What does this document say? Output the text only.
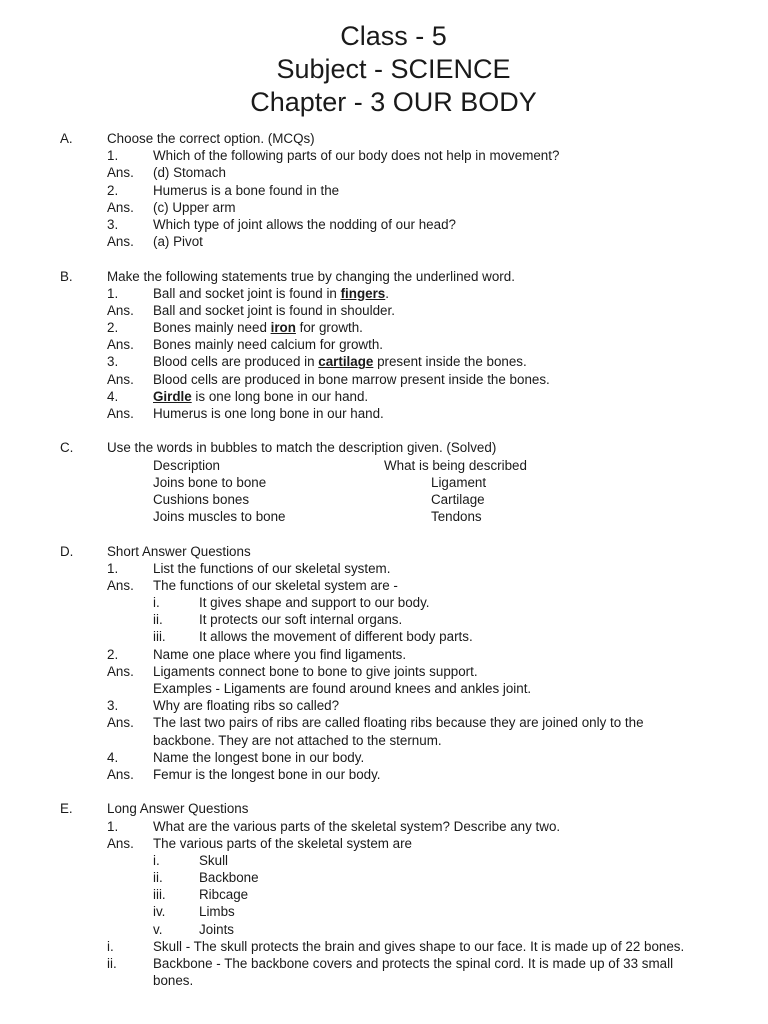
Class - 5

Subject - SCIENCE

Chapter - 3 OUR BODY

A.	Choose the correct option. (MCQs)
1.	Which of the following parts of our body does not help in movement?
Ans. (d) Stomach
2.	Humerus is a bone found in the
Ans. (c) Upper arm
3.	Which type of joint allows the nodding of our head?
Ans. (a) Pivot
B.	Make the following statements true by changing the underlined word.
1.	Ball and socket joint is found in fingers.
Ans. Ball and socket joint is found in shoulder.
2.	Bones mainly need iron for growth.
Ans. Bones mainly need calcium for growth.
3.	Blood cells are produced in cartilage present inside the bones.
Ans. Blood cells are produced in bone marrow present inside the bones.
4.	Girdle is one long bone in our hand.
Ans. Humerus is one long bone in our hand.
C.	Use the words in bubbles to match the description given. (Solved)
Description	What is being described
Joins bone to bone	Ligament
Cushions bones	Cartilage
Joins muscles to bone	Tendons
D.	Short Answer Questions
1.	List the functions of our skeletal system.
Ans. The functions of our skeletal system are -
i.	It gives shape and support to our body.
ii.	It protects our soft internal organs.
iii. It allows the movement of different body parts.
2.	Name one place where you find ligaments.
Ans. Ligaments connect bone to bone to give joints support.
Examples - Ligaments are found around knees and ankles joint.
3.	Why are floating ribs so called?
Ans. The last two pairs of ribs are called floating ribs because they are joined only to the
backbone. They are not attached to the sternum.
4.	Name the longest bone in our body.
Ans. Femur is the longest bone in our body.
E.	Long Answer Questions
1.	What are the various parts of the skeletal system? Describe any two.
Ans. The various parts of the skeletal system are
i.	Skull
ii.	Backbone
iii. Ribcage
iv.	Limbs
v.	Joints
i.	Skull - The skull protects the brain and gives shape to our face. It is made up of 22 bones.
ii.	Backbone - The backbone covers and protects the spinal cord. It is made up of 33 small
bones.
